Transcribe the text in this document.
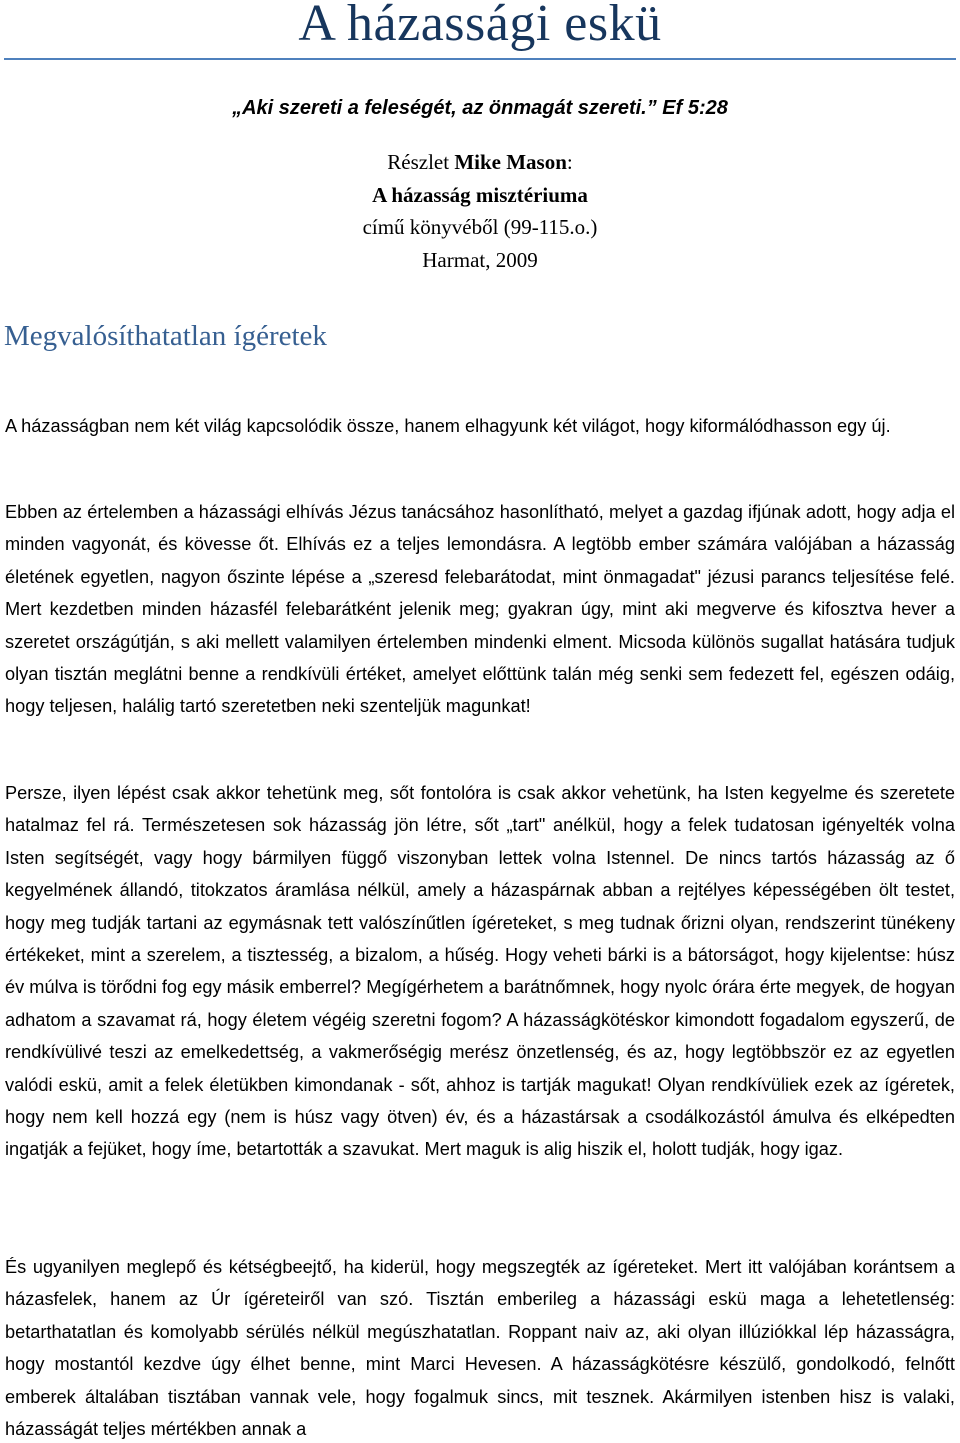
A házassági eskü
„Aki szereti a feleségét, az önmagát szereti.” Ef 5:28
Részlet Mike Mason:
A házasság misztériuma
című könyvéből (99-115.o.)
Harmat, 2009
Megvalósíthatatlan ígéretek

A házasságban nem két világ kapcsolódik össze, hanem elhagyunk két világot, hogy kiformálódhasson egy új.

Ebben az értelemben a házassági elhívás Jézus tanácsához hasonlítható, melyet a gazdag ifjúnak adott, hogy adja el minden vagyonát, és kövesse őt. Elhívás ez a teljes lemondásra. A legtöbb ember számára valójában a házasság életének egyetlen, nagyon őszinte lépése a „szeresd felebarátodat, mint önmagadat" jézusi parancs teljesítése felé. Mert kezdetben minden házasfél felebarátként jelenik meg; gyakran úgy, mint aki megverve és kifosztva hever a szeretet országútján, s aki mellett valamilyen értelemben mindenki elment. Micsoda különös sugallat hatására tudjuk olyan tisztán meglátni benne a rendkívüli értéket, amelyet előttünk talán még senki sem fedezett fel, egészen odáig, hogy teljesen, halálig tartó szeretetben neki szenteljük magunkat!

Persze, ilyen lépést csak akkor tehetünk meg, sőt fontolóra is csak akkor vehetünk, ha Isten kegyelme és szeretete hatalmaz fel rá. Természetesen sok házasság jön létre, sőt „tart" anélkül, hogy a felek tudatosan igényelték volna Isten segítségét, vagy hogy bármilyen függő viszonyban lettek volna Istennel. De nincs tartós házasság az ő kegyelmének állandó, titokzatos áramlása nélkül, amely a házaspárnak abban a rejtélyes képességében ölt testet, hogy meg tudják tartani az egymásnak tett valószínűtlen ígéreteket, s meg tudnak őrizni olyan, rendszerint tünékeny értékeket, mint a szerelem, a tisztesség, a bizalom, a hűség. Hogy veheti bárki is a bátorságot, hogy kijelentse: húsz év múlva is törődni fog egy másik emberrel? Megígérhetem a barátnőmnek, hogy nyolc órára érte megyek, de hogyan adhatom a szavamat rá, hogy életem végéig szeretni fogom? A házasságkötéskor kimondott fogadalom egyszerű, de rendkívülivé teszi az emelkedettség, a vakmerőségig merész önzetlenség, és az, hogy legtöbbször ez az egyetlen valódi eskü, amit a felek életükben kimondanak - sőt, ahhoz is tartják magukat! Olyan rendkívüliek ezek az ígéretek, hogy nem kell hozzá egy (nem is húsz vagy ötven) év, és a házastársak a csodálkozástól ámulva és elképedten ingatják a fejüket, hogy íme, betartották a szavukat. Mert maguk is alig hiszik el, holott tudják, hogy igaz.

És ugyanilyen meglepő és kétségbeejtő, ha kiderül, hogy megszegték az ígéreteket. Mert itt valójában korántsem a házasfelek, hanem az Úr ígéreteiről van szó. Tisztán emberileg a házassági eskü maga a lehetetlenség: betarthatatlan és komolyabb sérülés nélkül megúszhatatlan. Roppant naiv az, aki olyan illúziókkal lép házasságra, hogy mostantól kezdve úgy élhet benne, mint Marci Hevesen. A házasságkötésre készülő, gondolkodó, felnőtt emberek általában tisztában vannak vele, hogy fogalmuk sincs, mit tesznek. Akármilyen istenben hisz is valaki, házasságát teljes mértékben annak a
